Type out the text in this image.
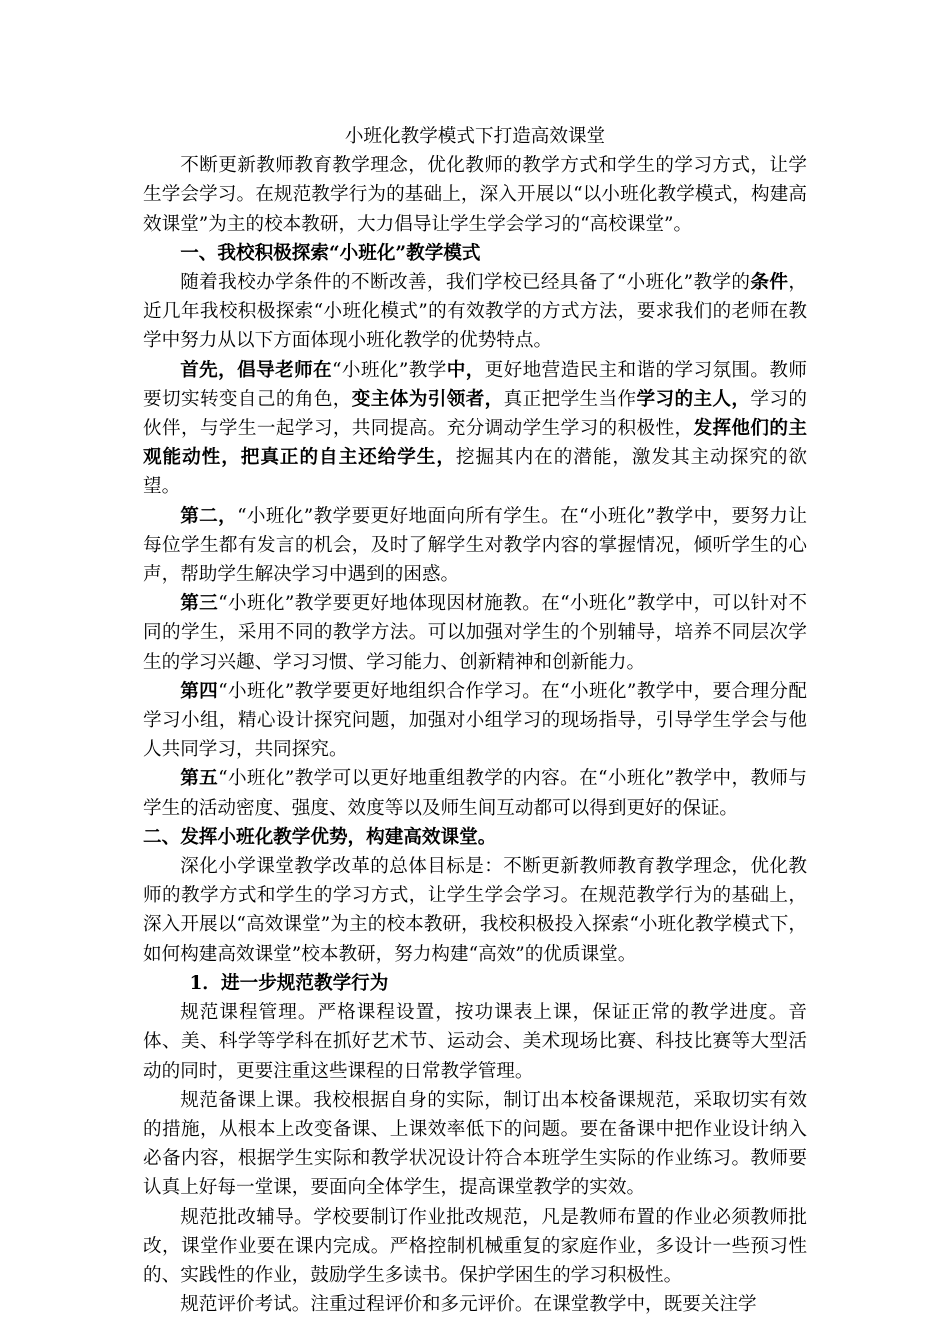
小班化教学模式下打造高效课堂

不断更新教师教育教学理念，优化教师的教学方式和学生的学习方式，让学生学会学习。在规范教学行为的基础上，深入开展以“以小班化教学模式，构建高效课堂”为主的校本教研，大力倡导让学生学会学习的“高校课堂”。

一、我校积极探索“小班化”教学模式

随着我校办学条件的不断改善，我们学校已经具备了“小班化”教学的条件，近几年我校积极探索“小班化模式”的有效教学的方式方法，要求我们的老师在教学中努力从以下方面体现小班化教学的优势特点。

首先，倡导老师在“小班化”教学中，更好地营造民主和谐的学习氛围。教师要切实转变自己的角色，变主体为引领者，真正把学生当作学习的主人，学习的伙伴，与学生一起学习，共同提高。充分调动学生学习的积极性，发挥他们的主观能动性，把真正的自主还给学生，挖掘其内在的潜能，激发其主动探究的欲望。

第二，“小班化”教学要更好地面向所有学生。在“小班化”教学中，要努力让每位学生都有发言的机会，及时了解学生对教学内容的掌握情况，倾听学生的心声，帮助学生解决学习中遇到的困惑。

第三“小班化”教学要更好地体现因材施教。在“小班化”教学中，可以针对不同的学生，采用不同的教学方法。可以加强对学生的个别辅导，培养不同层次学生的学习兴趣、学习习惯、学习能力、创新精神和创新能力。

第四“小班化”教学要更好地组织合作学习。在“小班化”教学中，要合理分配学习小组，精心设计探究问题，加强对小组学习的现场指导，引导学生学会与他人共同学习，共同探究。

第五“小班化”教学可以更好地重组教学的内容。在“小班化”教学中，教师与学生的活动密度、强度、效度等以及师生间互动都可以得到更好的保证。

二、发挥小班化教学优势，构建高效课堂。

深化小学课堂教学改革的总体目标是：不断更新教师教育教学理念，优化教师的教学方式和学生的学习方式，让学生学会学习。在规范教学行为的基础上，深入开展以“高效课堂”为主的校本教研，我校积极投入探索“小班化教学模式下，如何构建高效课堂”校本教研，努力构建“高效”的优质课堂。

1．进一步规范教学行为

规范课程管理。严格课程设置，按功课表上课，保证正常的教学进度。音体、美、科学等学科在抓好艺术节、运动会、美术现场比赛、科技比赛等大型活动的同时，更要注重这些课程的日常教学管理。

规范备课上课。我校根据自身的实际，制订出本校备课规范，采取切实有效的措施，从根本上改变备课、上课效率低下的问题。要在备课中把作业设计纳入必备内容，根据学生实际和教学状况设计符合本班学生实际的作业练习。教师要认真上好每一堂课，要面向全体学生，提高课堂教学的实效。

规范批改辅导。学校要制订作业批改规范，凡是教师布置的作业必须教师批改，课堂作业要在课内完成。严格控制机械重复的家庭作业，多设计一些预习性的、实践性的作业，鼓励学生多读书。保护学困生的学习积极性。

规范评价考试。注重过程评价和多元评价。在课堂教学中，既要关注学
